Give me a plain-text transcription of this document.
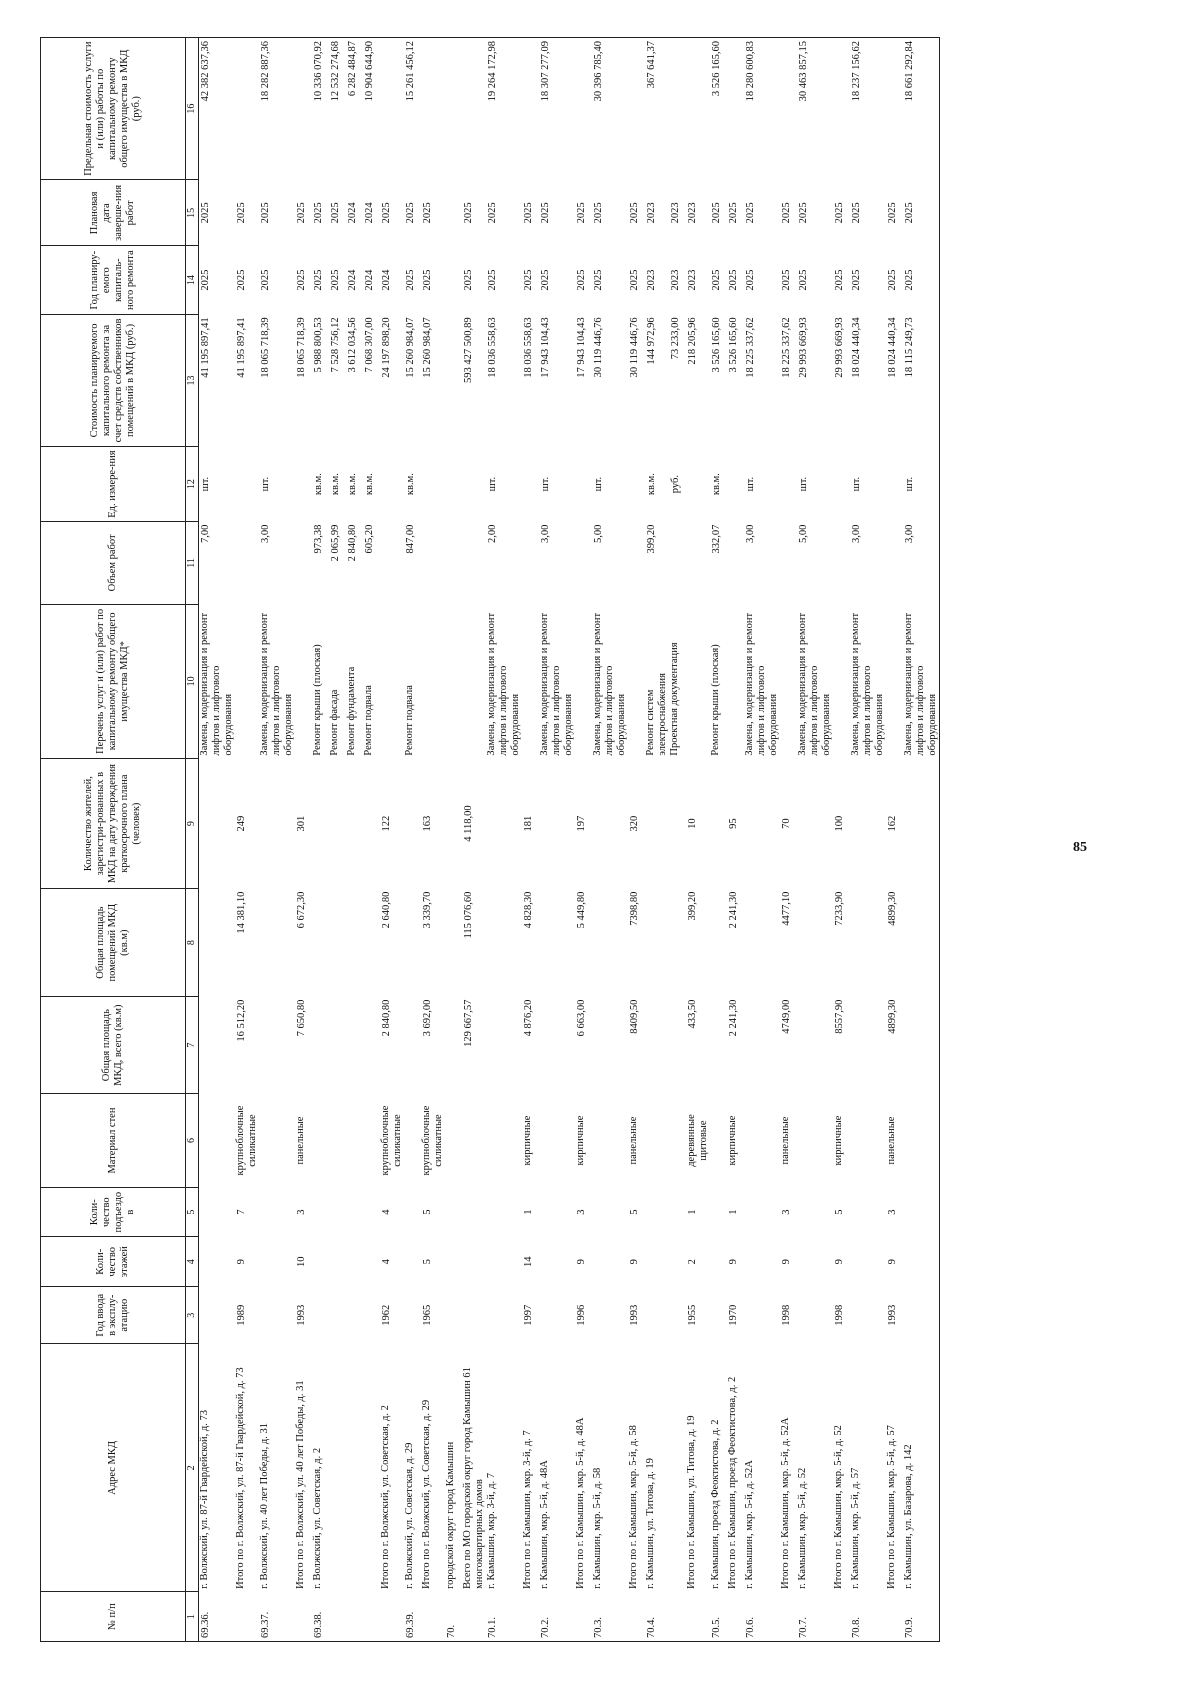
85
№ п/п	Адрес МКД	Год ввода в эксплу-атацию	Коли-чество этажей	Коли-чество подъездо в	Материал стен	Общая площадь МКД, всего (кв.м)	Общая площадь помещений МКД (кв.м)	Количество жителей, зарегистри-рованных в МКД на дату утверждения краткосрочного плана (человек)	Перечень услуг и (или) работ по капитальному ремонту общего имущества МКД*	Объем работ	Ед. измере-ния	Стоимость планируемого капитального ремонта за счет средств собственников помещений в МКД (руб.)	Год планиру-емого капиталь-ного ремонта	Плановая дата заверше-ния работ	Предельная стоимость услуги и (или) работы по капитальному ремонту общего имущества в МКД (руб.)
1	2	3	4	5	6	7	8	9	10	11	12	13	14	15	16
69.36.	г. Волжский, ул. 87-й Гвардейской, д. 73								Замена, модернизация и ремонт лифтов и лифтового оборудования	7,00	шт.	41 195 897,41	2025	2025	42 382 637,36
	Итого по г. Волжский, ул. 87-й Гвардейской, д. 73	1989	9	7	крупноблочные силикатные	16 512,20	14 381,10	249				41 195 897,41	2025	2025	
69.37.	г. Волжский, ул. 40 лет Победы, д. 31								Замена, модернизация и ремонт лифтов и лифтового оборудования	3,00	шт.	18 065 718,39	2025	2025	18 282 887,36
	Итого по г. Волжский, ул. 40 лет Победы, д. 31	1993	10	3	панельные	7 650,80	6 672,30	301				18 065 718,39	2025	2025	
69.38.	г. Волжский, ул. Советская, д. 2								Ремонт крыши (плоская)	973,38	кв.м.	5 988 800,53	2025	2025	10 336 070,92
									Ремонт фасада	2 065,99	кв.м.	7 528 756,12	2025	2025	12 532 274,68
									Ремонт фундамента	2 840,80	кв.м.	3 612 034,56	2024	2024	6 282 484,87
									Ремонт подвала	605,20	кв.м.	7 068 307,00	2024	2024	10 904 644,90
	Итого по г. Волжский, ул. Советская, д. 2	1962	4	4	крупноблочные силикатные	2 840,80	2 640,80	122				24 197 898,20	2024	2025	
69.39.	г. Волжский, ул. Советская, д. 29								Ремонт подвала	847,00	кв.м.	15 260 984,07	2025	2025	15 261 456,12
	Итого по г. Волжский, ул. Советская, д. 29	1965	5	5	крупноблочные силикатные	3 692,00	3 339,70	163				15 260 984,07	2025	2025	
70.	городской округ город Камышин														
	Всего по МО городской округ город Камышин 61 многоквартирных домов					129 667,57	115 076,60	4 118,00				593 427 500,89	2025	2025	
70.1.	г. Камышин, мкр. 3-й, д. 7								Замена, модернизация и ремонт лифтов и лифтового оборудования	2,00	шт.	18 036 558,63	2025	2025	19 264 172,98
	Итого по г. Камышин, мкр. 3-й, д. 7	1997	14	1	кирпичные	4 876,20	4 828,30	181				18 036 558,63	2025	2025	
70.2.	г. Камышин, мкр. 5-й, д. 48А								Замена, модернизация и ремонт лифтов и лифтового оборудования	3,00	шт.	17 943 104,43	2025	2025	18 307 277,09
	Итого по г. Камышин, мкр. 5-й, д. 48А	1996	9	3	кирпичные	6 663,00	5 449,80	197				17 943 104,43	2025	2025	
70.3.	г. Камышин, мкр. 5-й, д. 58								Замена, модернизация и ремонт лифтов и лифтового оборудования	5,00	шт.	30 119 446,76	2025	2025	30 396 785,40
	Итого по г. Камышин, мкр. 5-й, д. 58	1993	9	5	панельные	8409,50	7398,80	320				30 119 446,76	2025	2025	
70.4.	г. Камышин, ул. Титова, д. 19								Ремонт систем электроснабжения	399,20	кв.м.	144 972,96	2023	2023	367 641,37
									Проектная документация		руб.	73 233,00	2023	2023	
	Итого по г. Камышин, ул. Титова, д. 19	1955	2	1	деревянные щитовые	433,50	399,20	10				218 205,96	2023	2023	
70.5.	г. Камышин, проезд Феоктистова, д. 2								Ремонт крыши (плоская)	332,07	кв.м.	3 526 165,60	2025	2025	3 526 165,60
	Итого по г. Камышин, проезд Феоктистова, д. 2	1970	9	1	кирпичные	2 241,30	2 241,30	95				3 526 165,60	2025	2025	
70.6.	г. Камышин, мкр. 5-й, д. 52А								Замена, модернизация и ремонт лифтов и лифтового оборудования	3,00	шт.	18 225 337,62	2025	2025	18 280 600,83
	Итого по г. Камышин, мкр. 5-й, д. 52А	1998	9	3	панельные	4749,00	4477,10	70				18 225 337,62	2025	2025	
70.7.	г. Камышин, мкр. 5-й, д. 52								Замена, модернизация и ремонт лифтов и лифтового оборудования	5,00	шт.	29 993 669,93	2025	2025	30 463 857,15
	Итого по г. Камышин, мкр. 5-й, д. 52	1998	9	5	кирпичные	8557,90	7233,90	100				29 993 669,93	2025	2025	
70.8.	г. Камышин, мкр. 5-й, д. 57								Замена, модернизация и ремонт лифтов и лифтового оборудования	3,00	шт.	18 024 440,34	2025	2025	18 237 156,62
	Итого по г. Камышин, мкр. 5-й, д. 57	1993	9	3	панельные	4899,30	4899,30	162				18 024 440,34	2025	2025	
70.9.	г. Камышин, ул. Базарова, д. 142								Замена, модернизация и ремонт лифтов и лифтового оборудования	3,00	шт.	18 115 249,73	2025	2025	18 661 292,84
·
